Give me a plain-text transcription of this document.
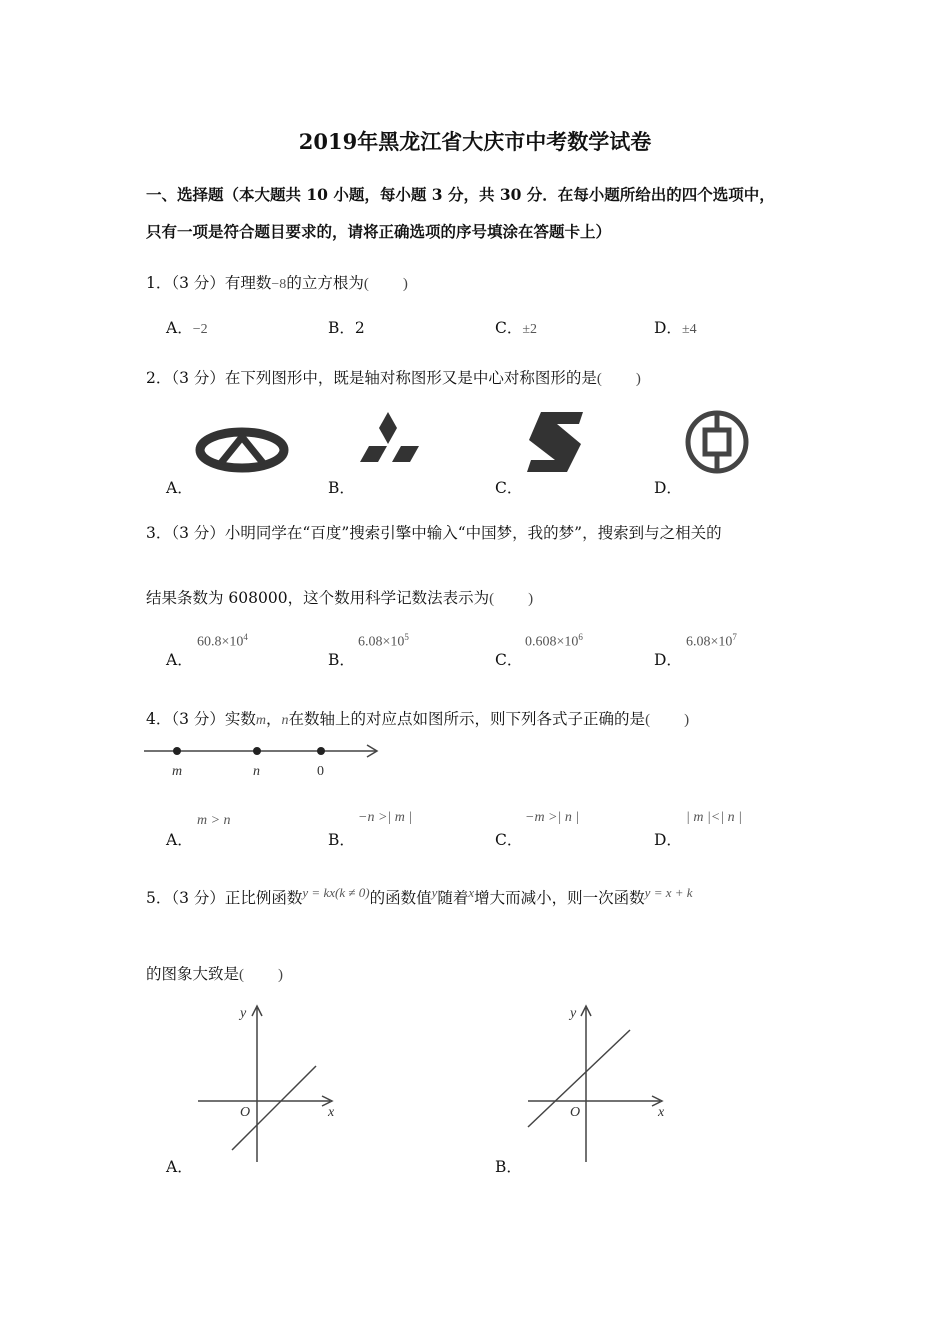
2019年黑龙江省大庆市中考数学试卷
一、选择题（本大题共 10 小题，每小题 3 分，共 30 分．在每小题所给出的四个选项中，
只有一项是符合题目要求的，请将正确选项的序号填涂在答题卡上）
1．（3 分）有理数−8的立方根为( )
A．−2	B．2	C．±2	D．±4
2．（3 分）在下列图形中，既是轴对称图形又是中心对称图形的是( )
A．	B．	C．	D．
3．（3 分）小明同学在“百度”搜索引擎中输入“中国梦，我的梦”，搜索到与之相关的
结果条数为 608000，这个数用科学记数法表示为( )
A．
$60.8\times 10^4$
B．
$6.08\times 10^5$
C．
$0.608\times 10^6$
D．
$6.08\times 10^7$
4．（3 分）实数m，n在数轴上的对应点如图所示，则下列各式子正确的是( )
m	n	0
A．
m > n
B．
−n >| m |
C．
−m >| n |
D．
| m |<| n |
5．（3 分）正比例函数$^{y = kx(k \ne 0)}$的函数值$^y$随着$^x$增大而减小，则一次函数$^{y = x + k}$
的图象大致是( )
y
O	x
A．
y
O	x
B．
